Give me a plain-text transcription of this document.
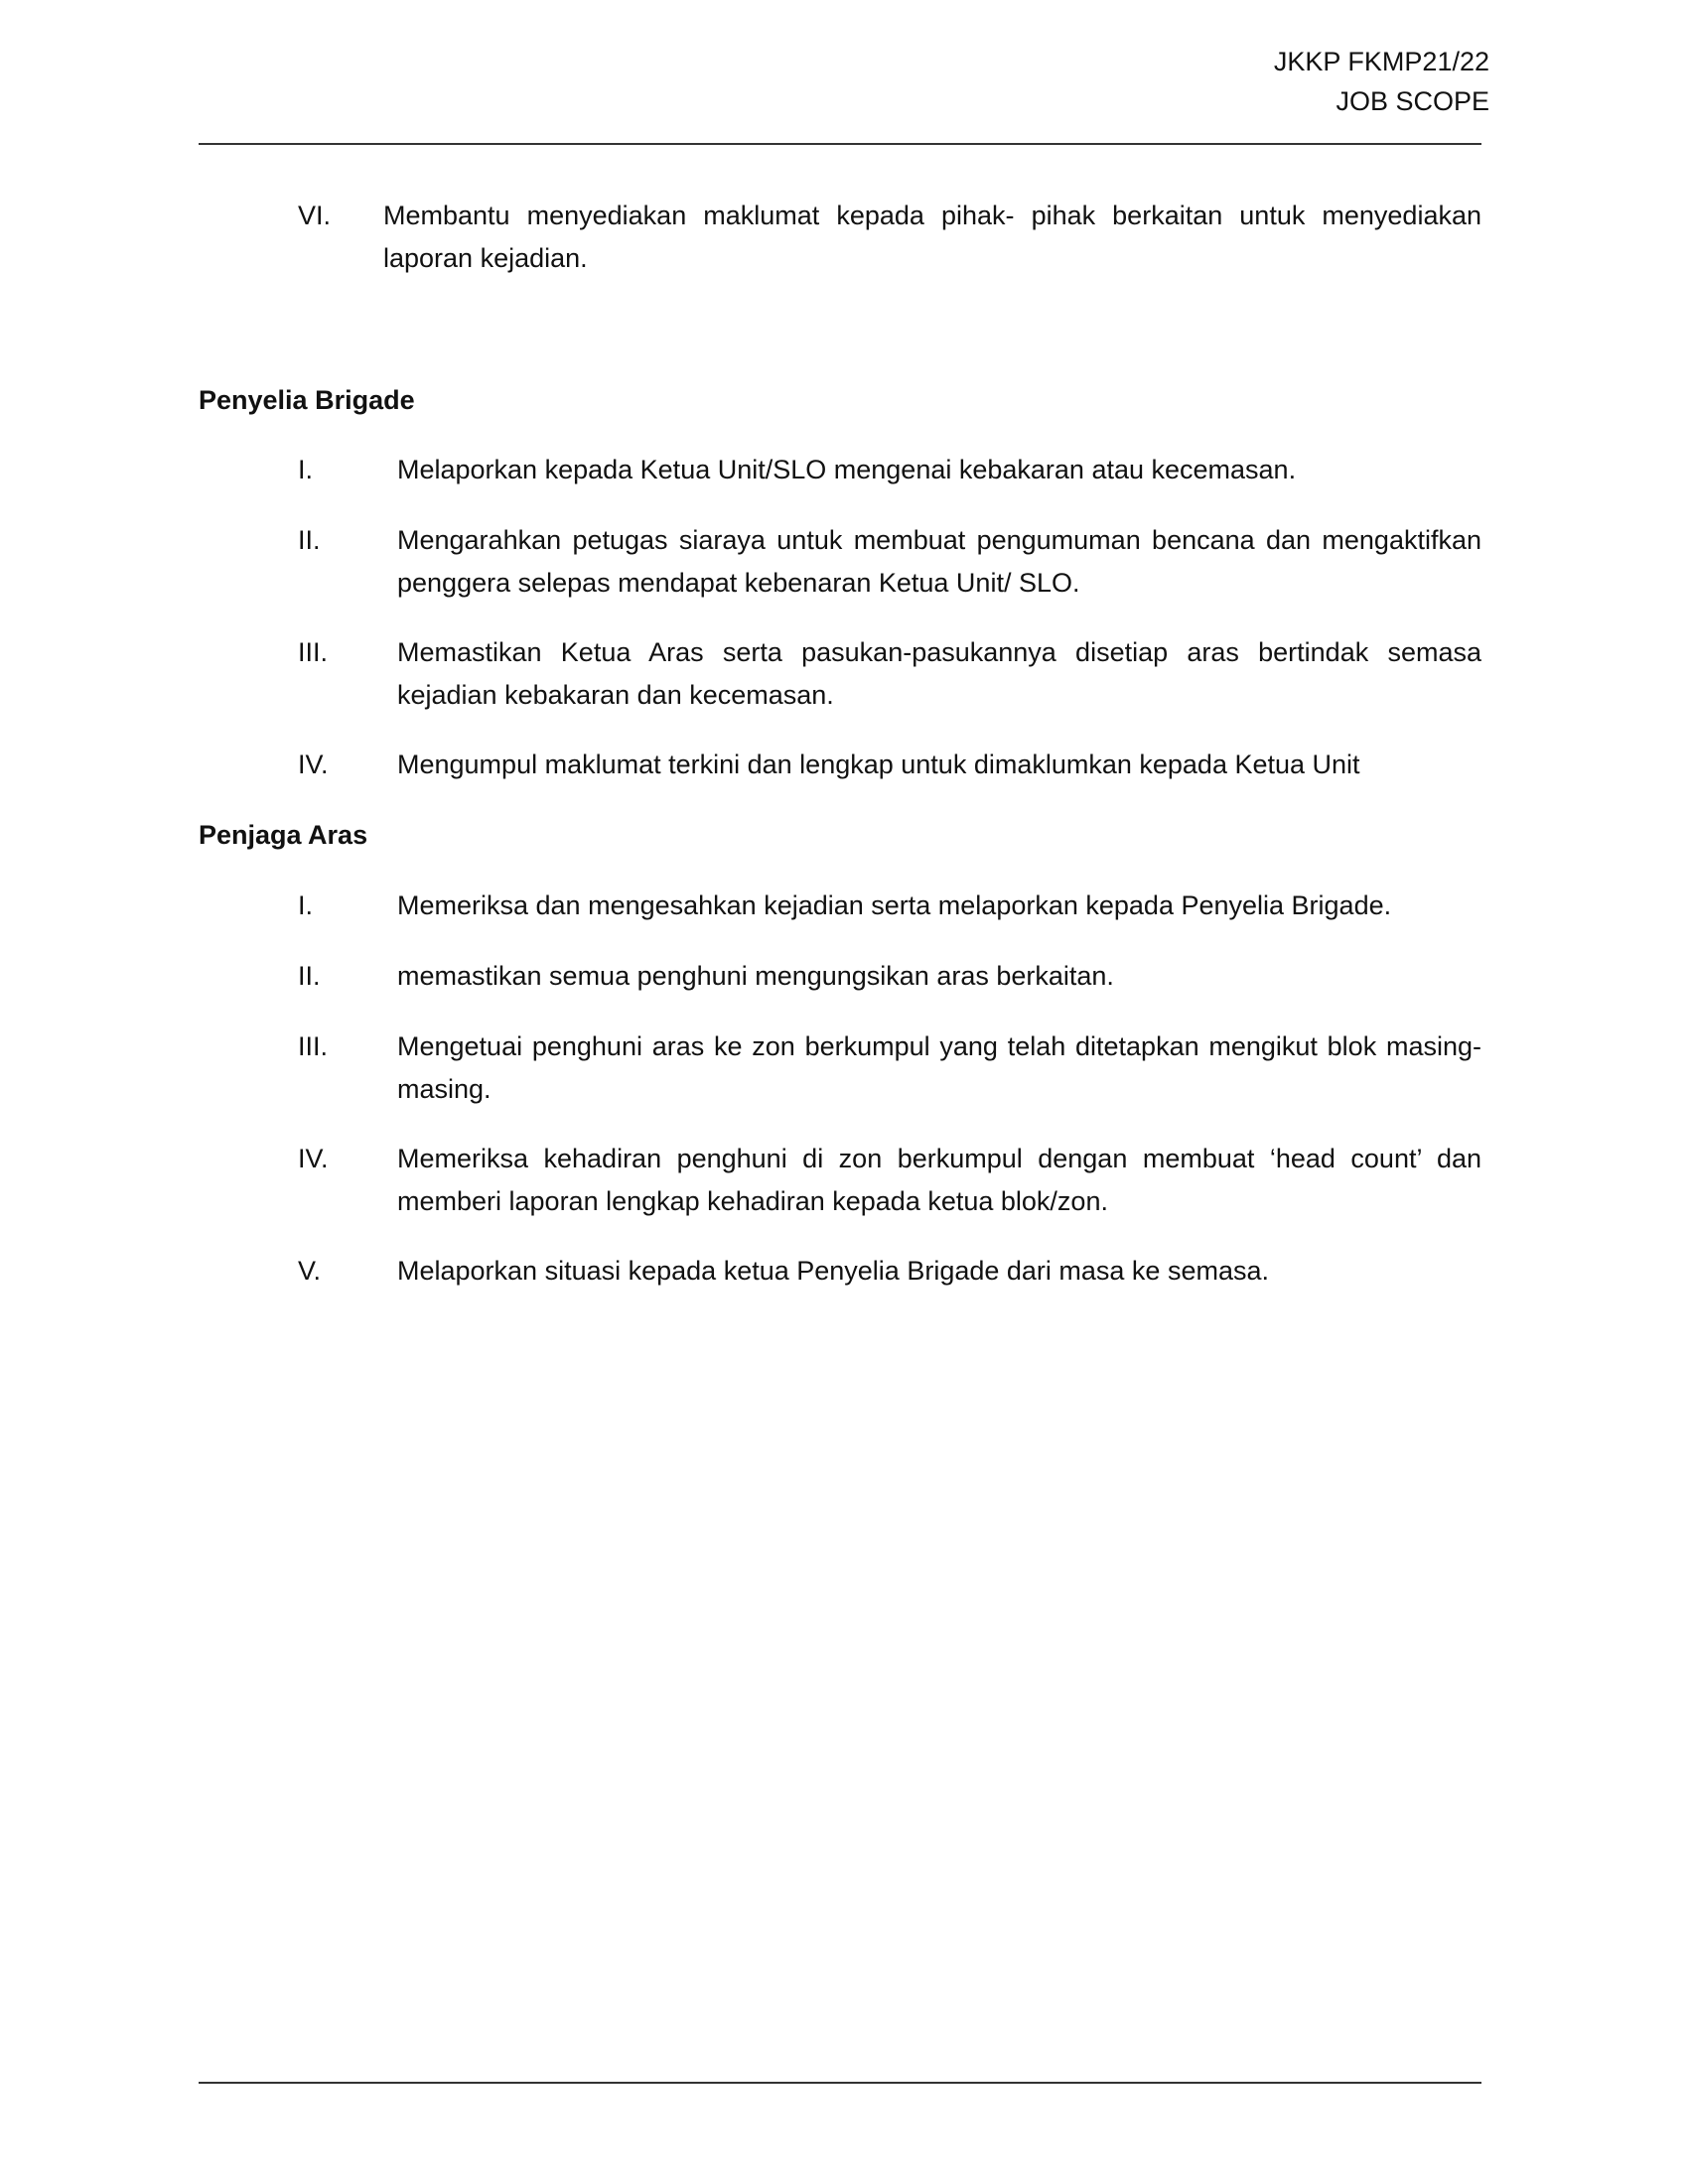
JKKP FKMP21/22
JOB SCOPE
VI. Membantu menyediakan maklumat kepada pihak- pihak berkaitan untuk menyediakan laporan kejadian.
Penyelia Brigade
I.	Melaporkan kepada Ketua Unit/SLO mengenai kebakaran atau kecemasan.
II.	Mengarahkan petugas siaraya untuk membuat pengumuman bencana dan mengaktifkan penggera selepas mendapat kebenaran Ketua Unit/ SLO.
III.	Memastikan Ketua Aras serta pasukan-pasukannya disetiap aras bertindak semasa kejadian kebakaran dan kecemasan.
IV.	Mengumpul maklumat terkini dan lengkap untuk dimaklumkan kepada Ketua Unit
Penjaga Aras
I.	Memeriksa dan mengesahkan kejadian serta melaporkan kepada Penyelia Brigade.
II.	memastikan semua penghuni mengungsikan aras berkaitan.
III.	Mengetuai penghuni aras ke zon berkumpul yang telah ditetapkan mengikut blok masing-masing.
IV.	Memeriksa kehadiran penghuni di zon berkumpul dengan membuat ‘head count’ dan memberi laporan lengkap kehadiran kepada ketua blok/zon.
V.	Melaporkan situasi kepada ketua Penyelia Brigade dari masa ke semasa.
